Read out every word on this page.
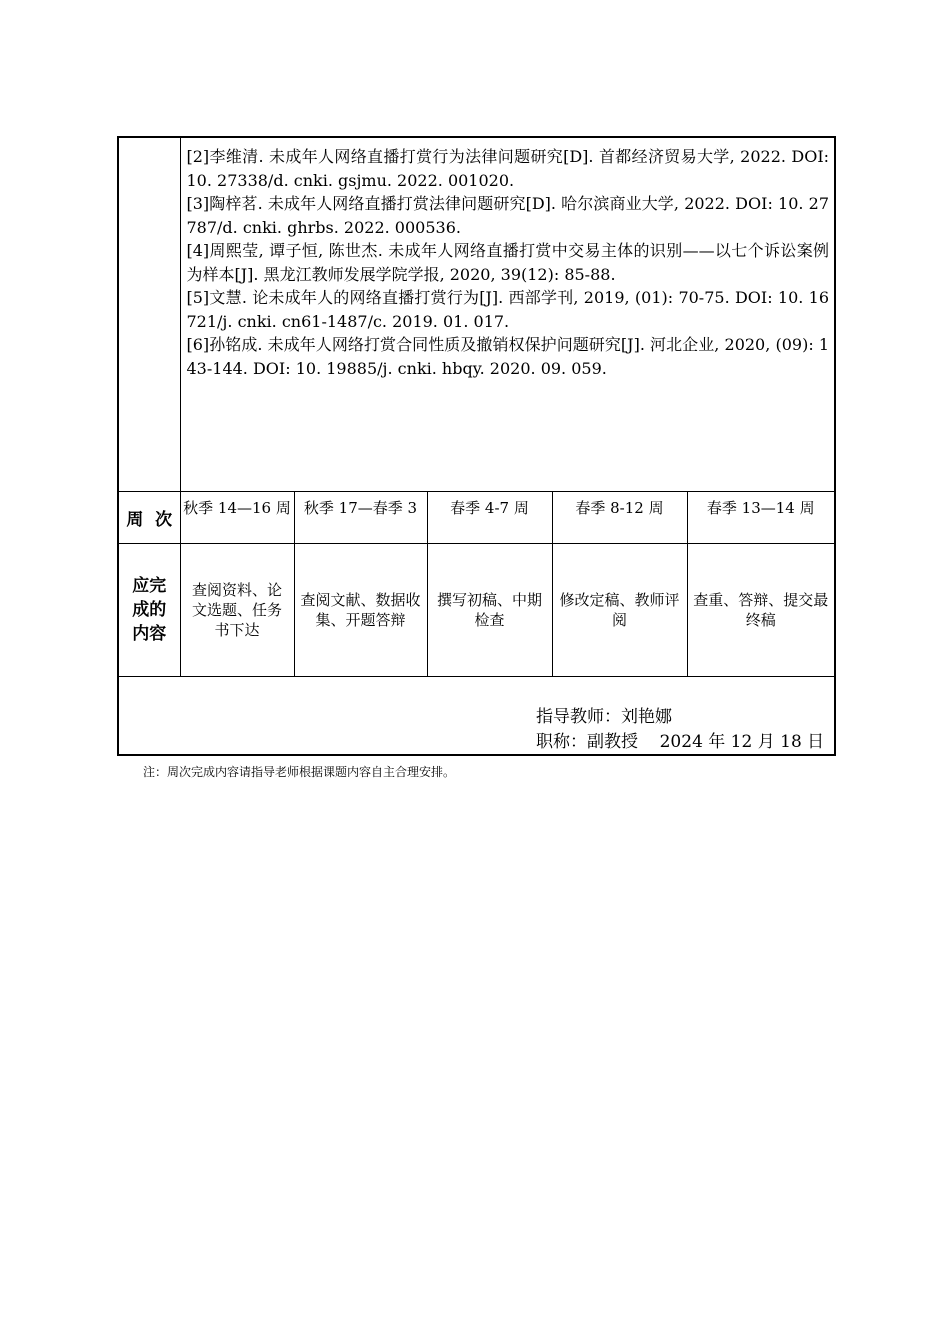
	[2]李维清. 未成年人网络直播打赏行为法律问题研究[D]. 首都经济贸易大学, 2022. DOI: 10. 27338/d. cnki. gsjmu. 2022. 001020.

[3]陶梓茗. 未成年人网络直播打赏法律问题研究[D]. 哈尔滨商业大学, 2022. DOI: 10. 27787/d. cnki. ghrbs. 2022. 000536.

[4]周熙莹, 谭子恒, 陈世杰. 未成年人网络直播打赏中交易主体的识别——以七个诉讼案例为样本[J]. 黑龙江教师发展学院学报, 2020, 39(12): 85-88.

[5]文慧. 论未成年人的网络直播打赏行为[J]. 西部学刊, 2019, (01): 70-75. DOI: 10. 16721/j. cnki. cn61-1487/c. 2019. 01. 017.

[6]孙铭成. 未成年人网络打赏合同性质及撤销权保护问题研究[J]. 河北企业, 2020, (09): 143-144. DOI: 10. 19885/j. cnki. hbqy. 2020. 09. 059.				

周  次	秋季 14—16 周	秋季 17—春季 3	春季 4-7 周	春季 8-12 周	春季 13—14 周
应完成的内容	查阅资料、论文选题、任务书下达	查阅文献、数据收集、开题答辩	撰写初稿、中期检查	修改定稿、教师评阅	查重、答辩、提交最终稿

指导教师：刘艳娜
职称：副教授    2024 年 12 月 18 日					
注：周次完成内容请指导老师根据课题内容自主合理安排。
